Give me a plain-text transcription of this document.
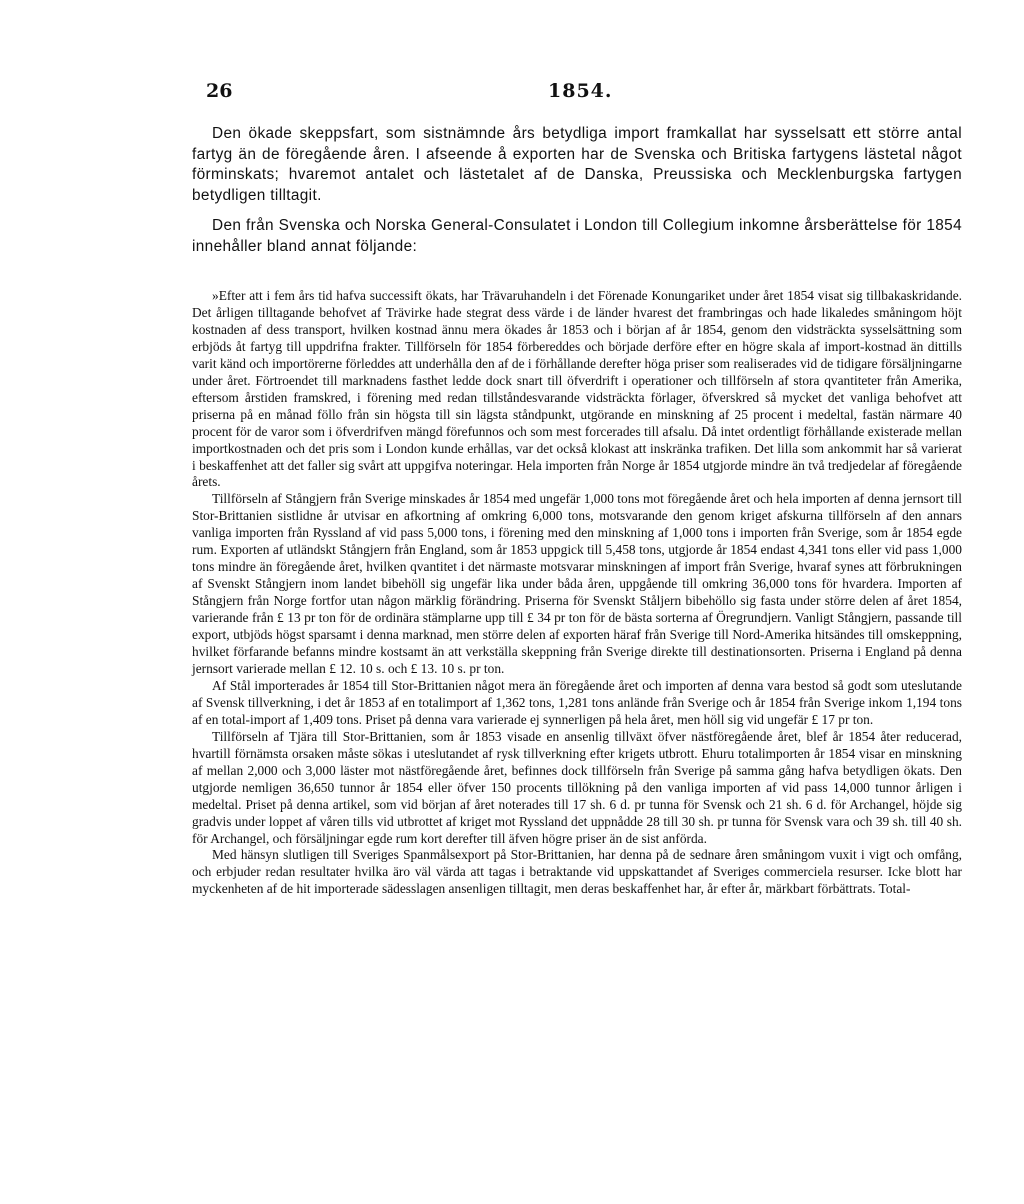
26	1854.

Den ökade skeppsfart, som sistnämnde års betydliga import framkallat har sysselsatt ett större antal fartyg än de föregående åren. I afseende å exporten har de Svenska och Britiska fartygens lästetal något förminskats; hvaremot antalet och lästetalet af de Danska, Preussiska och Mecklenburgska fartygen betydligen tilltagit.

Den från Svenska och Norska General-Consulatet i London till Collegium inkomne årsberättelse för 1854 innehåller bland annat följande:

»Efter att i fem års tid hafva successift ökats, har Trävaruhandeln i det Förenade Konungariket under året 1854 visat sig tillbakaskridande. Det årligen tilltagande behofvet af Trävirke hade stegrat dess värde i de länder hvarest det frambringas och hade likaledes småningom höjt kostnaden af dess transport, hvilken kostnad ännu mera ökades år 1853 och i början af år 1854, genom den vidsträckta sysselsättning som erbjöds åt fartyg till uppdrifna frakter. Tillförseln för 1854 förbereddes och började derföre efter en högre skala af import-kostnad än dittills varit känd och importörerne förleddes att underhålla den af de i förhållande derefter höga priser som realiserades vid de tidigare försäljningarne under året. Förtroendet till marknadens fasthet ledde dock snart till öfverdrift i operationer och tillförseln af stora qvantiteter från Amerika, eftersom årstiden framskred, i förening med redan tillståndesvarande vidsträckta förlager, öfverskred så mycket det vanliga behofvet att priserna på en månad föllo från sin högsta till sin lägsta ståndpunkt, utgörande en minskning af 25 procent i medeltal, fastän närmare 40 procent för de varor som i öfverdrifven mängd förefunnos och som mest forcerades till afsalu. Då intet ordentligt förhållande existerade mellan importkostnaden och det pris som i London kunde erhållas, var det också klokast att inskränka trafiken. Det lilla som ankommit har så varierat i beskaffenhet att det faller sig svårt att uppgifva noteringar. Hela importen från Norge år 1854 utgjorde mindre än två tredjedelar af föregående årets.

Tillförseln af Stångjern från Sverige minskades år 1854 med ungefär 1,000 tons mot föregående året och hela importen af denna jernsort till Stor-Brittanien sistlidne år utvisar en afkortning af omkring 6,000 tons, motsvarande den genom kriget afskurna tillförseln af den annars vanliga importen från Ryssland af vid pass 5,000 tons, i förening med den minskning af 1,000 tons i importen från Sverige, som år 1854 egde rum. Exporten af utländskt Stångjern från England, som år 1853 uppgick till 5,458 tons, utgjorde år 1854 endast 4,341 tons eller vid pass 1,000 tons mindre än föregående året, hvilken qvantitet i det närmaste motsvarar minskningen af import från Sverige, hvaraf synes att förbrukningen af Svenskt Stångjern inom landet bibehöll sig ungefär lika under båda åren, uppgående till omkring 36,000 tons för hvardera. Importen af Stångjern från Norge fortfor utan någon märklig förändring. Priserna för Svenskt Ståljern bibehöllo sig fasta under större delen af året 1854, varierande från £ 13 pr ton för de ordinära stämplarne upp till £ 34 pr ton för de bästa sorterna af Öregrundjern. Vanligt Stångjern, passande till export, utbjöds högst sparsamt i denna marknad, men större delen af exporten häraf från Sverige till Nord-Amerika hitsändes till omskeppning, hvilket förfarande befanns mindre kostsamt än att verkställa skeppning från Sverige direkte till destinationsorten. Priserna i England på denna jernsort varierade mellan £ 12. 10 s. och £ 13. 10 s. pr ton.

Af Stål importerades år 1854 till Stor-Brittanien något mera än föregående året och importen af denna vara bestod så godt som uteslutande af Svensk tillverkning, i det år 1853 af en totalimport af 1,362 tons, 1,281 tons anlände från Sverige och år 1854 från Sverige inkom 1,194 tons af en total-import af 1,409 tons. Priset på denna vara varierade ej synnerligen på hela året, men höll sig vid ungefär £ 17 pr ton.

Tillförseln af Tjära till Stor-Brittanien, som år 1853 visade en ansenlig tillväxt öfver nästföregående året, blef år 1854 åter reducerad, hvartill förnämsta orsaken måste sökas i uteslutandet af rysk tillverkning efter krigets utbrott. Ehuru totalimporten år 1854 visar en minskning af mellan 2,000 och 3,000 läster mot nästföregående året, befinnes dock tillförseln från Sverige på samma gång hafva betydligen ökats. Den utgjorde nemligen 36,650 tunnor år 1854 eller öfver 150 procents tillökning på den vanliga importen af vid pass 14,000 tunnor årligen i medeltal. Priset på denna artikel, som vid början af året noterades till 17 sh. 6 d. pr tunna för Svensk och 21 sh. 6 d. för Archangel, höjde sig gradvis under loppet af våren tills vid utbrottet af kriget mot Ryssland det uppnådde 28 till 30 sh. pr tunna för Svensk vara och 39 sh. till 40 sh. för Archangel, och försäljningar egde rum kort derefter till äfven högre priser än de sist anförda.

Med hänsyn slutligen till Sveriges Spanmålsexport på Stor-Brittanien, har denna på de sednare åren småningom vuxit i vigt och omfång, och erbjuder redan resultater hvilka äro väl värda att tagas i betraktande vid uppskattandet af Sveriges commerciela resurser. Icke blott har myckenheten af de hit importerade sädesslagen ansenligen tilltagit, men deras beskaffenhet har, år efter år, märkbart förbättrats. Total-
